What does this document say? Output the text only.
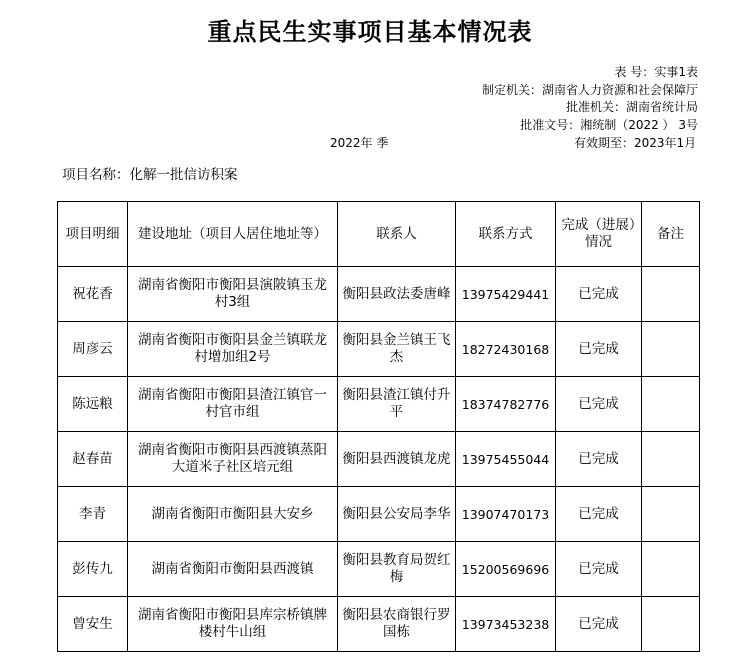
重点民生实事项目基本情况表
表 号：实事1表
制定机关：湖南省人力资源和社会保障厅
批准机关：湖南省统计局
批准文号：湘统制（2022 ） 3号
有效期至：2023年1月
2022年 季
项目名称：化解一批信访积案
项目明细	建设地址（项目人居住地址等）	联系人	联系方式	完成（进展）情况	备注
祝花香	湖南省衡阳市衡阳县演陂镇玉龙村3组	衡阳县政法委唐峰	13975429441	已完成	
周彦云	湖南省衡阳市衡阳县金兰镇联龙村增加组2号	衡阳县金兰镇王飞杰	18272430168	已完成	
陈远粮	湖南省衡阳市衡阳县渣江镇官一村官市组	衡阳县渣江镇付升平	18374782776	已完成	
赵春苗	湖南省衡阳市衡阳县西渡镇蒸阳大道米子社区培元组	衡阳县西渡镇龙虎	13975455044	已完成	
李青	湖南省衡阳市衡阳县大安乡	衡阳县公安局李华	13907470173	已完成	
彭传九	湖南省衡阳市衡阳县西渡镇	衡阳县教育局贺红梅	15200569696	已完成	
曾安生	湖南省衡阳市衡阳县库宗桥镇牌楼村牛山组	衡阳县农商银行罗国栋	13973453238	已完成	
